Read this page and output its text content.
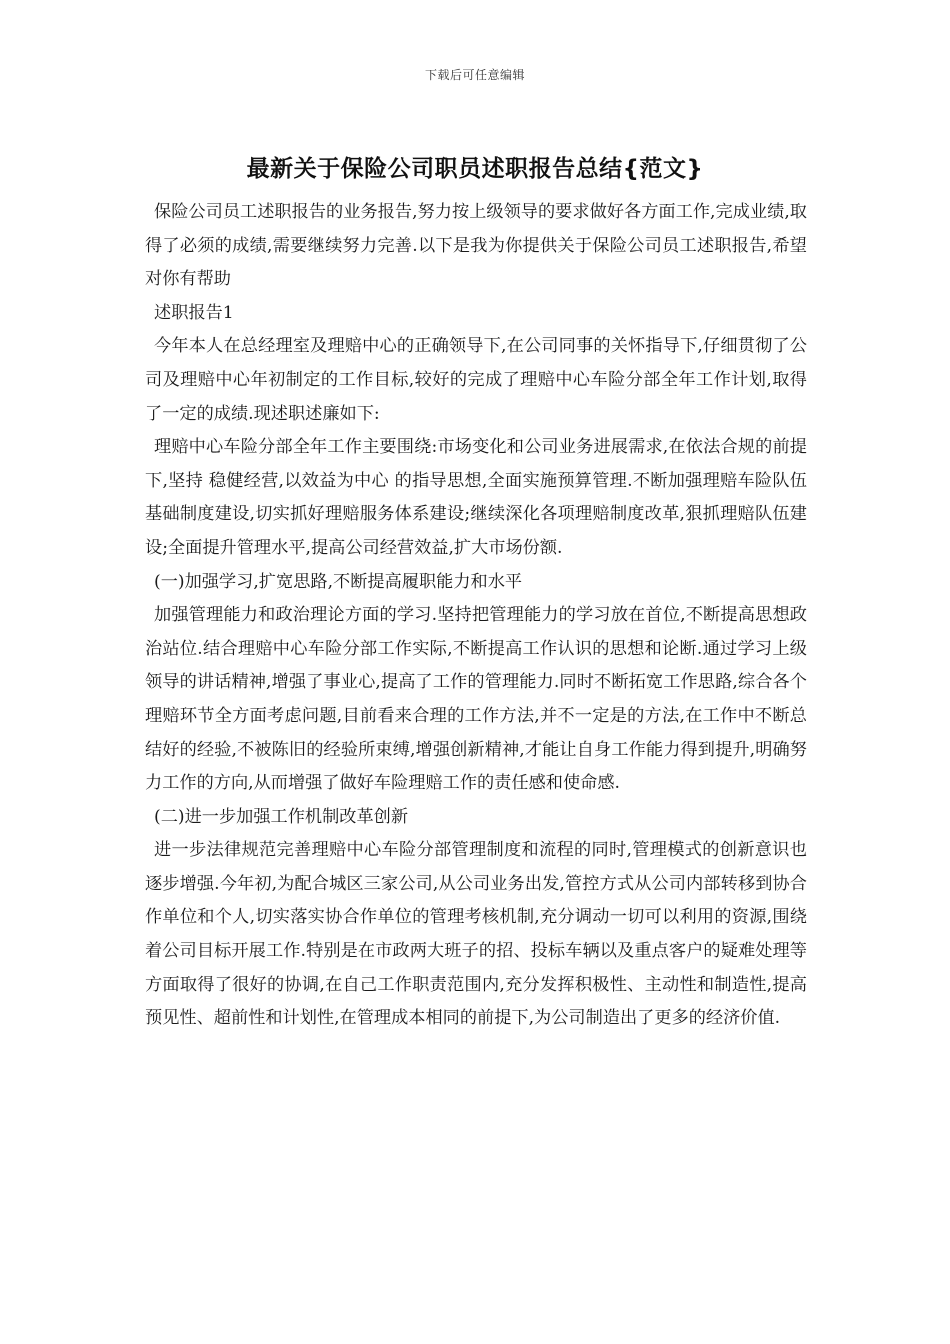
下载后可任意编辑
最新关于保险公司职员述职报告总结{范文}

保险公司员工述职报告的业务报告,努力按上级领导的要求做好各方面工作,完成业绩,取得了必须的成绩,需要继续努力完善.以下是我为你提供关于保险公司员工述职报告,希望对你有帮助

述职报告1

今年本人在总经理室及理赔中心的正确领导下,在公司同事的关怀指导下,仔细贯彻了公司及理赔中心年初制定的工作目标,较好的完成了理赔中心车险分部全年工作计划,取得了一定的成绩.现述职述廉如下:

理赔中心车险分部全年工作主要围绕:市场变化和公司业务进展需求,在依法合规的前提下,坚持 稳健经营,以效益为中心 的指导思想,全面实施预算管理.不断加强理赔车险队伍基础制度建设,切实抓好理赔服务体系建设;继续深化各项理赔制度改革,狠抓理赔队伍建设;全面提升管理水平,提高公司经营效益,扩大市场份额.

(一)加强学习,扩宽思路,不断提高履职能力和水平

加强管理能力和政治理论方面的学习.坚持把管理能力的学习放在首位,不断提高思想政治站位.结合理赔中心车险分部工作实际,不断提高工作认识的思想和论断.通过学习上级领导的讲话精神,增强了事业心,提高了工作的管理能力.同时不断拓宽工作思路,综合各个理赔环节全方面考虑问题,目前看来合理的工作方法,并不一定是的方法,在工作中不断总结好的经验,不被陈旧的经验所束缚,增强创新精神,才能让自身工作能力得到提升,明确努力工作的方向,从而增强了做好车险理赔工作的责任感和使命感.

(二)进一步加强工作机制改革创新

进一步法律规范完善理赔中心车险分部管理制度和流程的同时,管理模式的创新意识也逐步增强.今年初,为配合城区三家公司,从公司业务出发,管控方式从公司内部转移到协合作单位和个人,切实落实协合作单位的管理考核机制,充分调动一切可以利用的资源,围绕着公司目标开展工作.特别是在市政两大班子的招、投标车辆以及重点客户的疑难处理等方面取得了很好的协调,在自己工作职责范围内,充分发挥积极性、主动性和制造性,提高预见性、超前性和计划性,在管理成本相同的前提下,为公司制造出了更多的经济价值.
